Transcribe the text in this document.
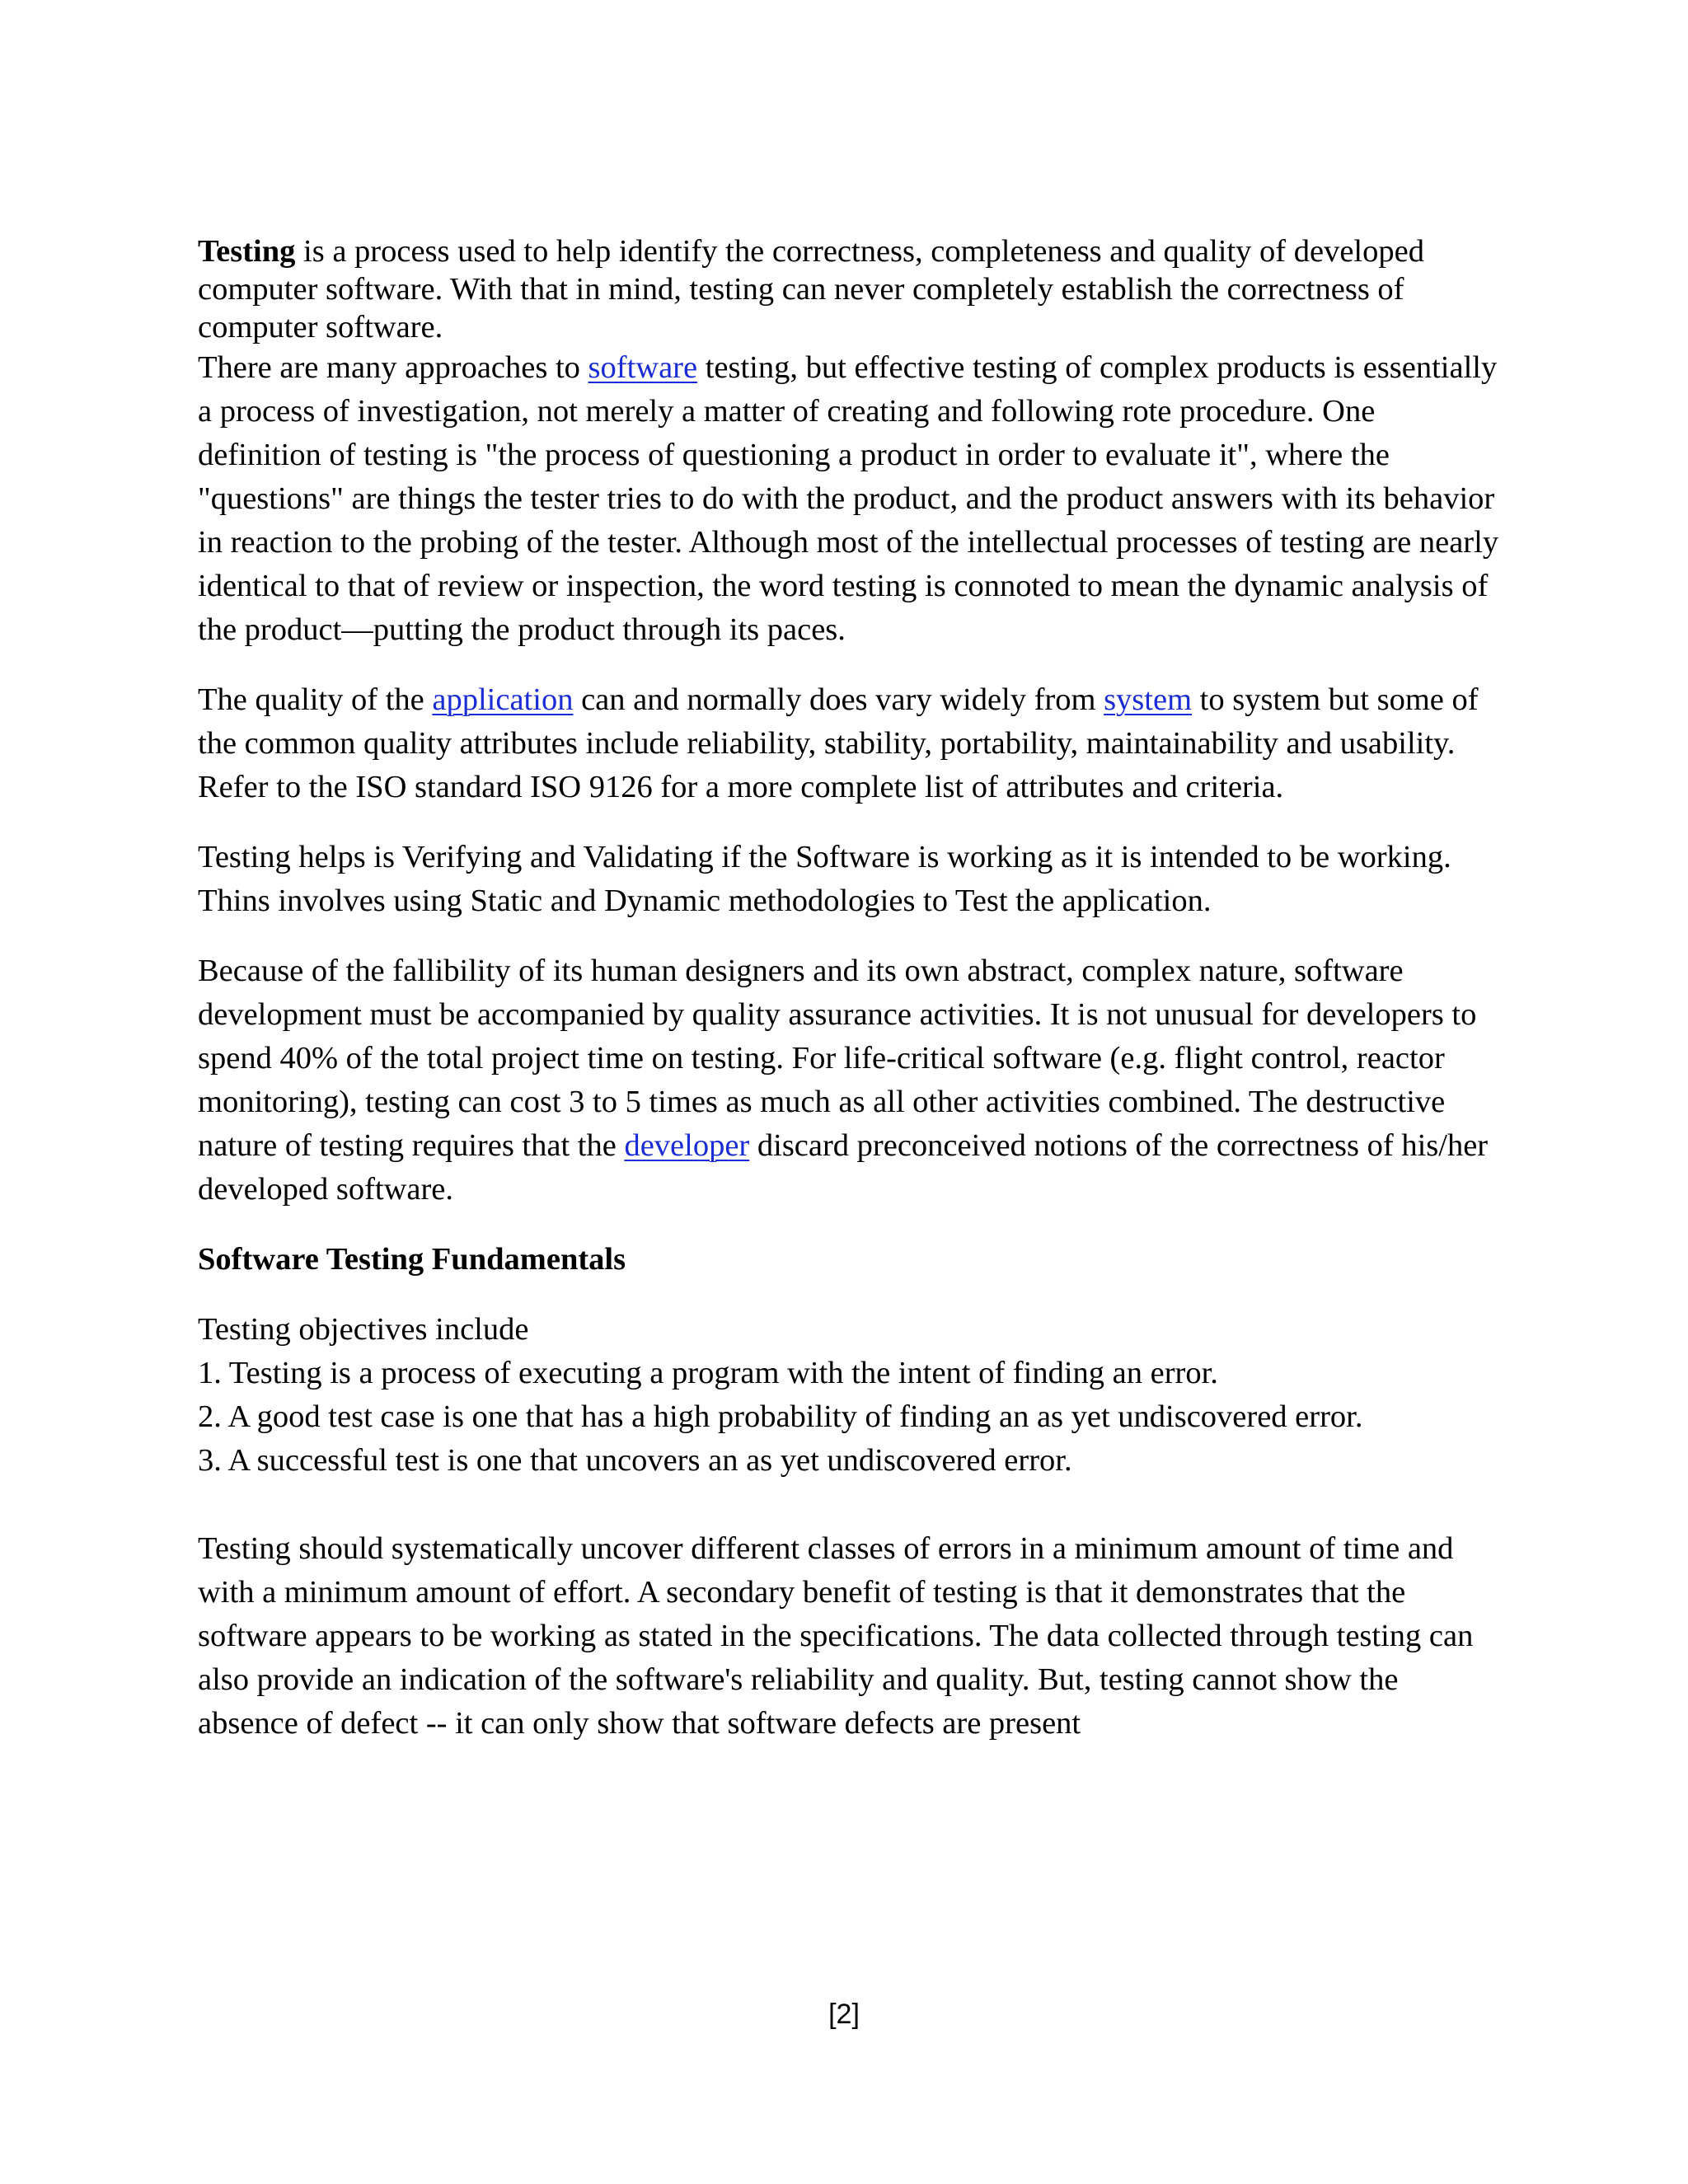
Testing is a process used to help identify the correctness, completeness and quality of developed computer software. With that in mind, testing can never completely establish the correctness of computer software.

There are many approaches to software testing, but effective testing of complex products is essentially a process of investigation, not merely a matter of creating and following rote procedure. One definition of testing is "the process of questioning a product in order to evaluate it", where the "questions" are things the tester tries to do with the product, and the product answers with its behavior in reaction to the probing of the tester. Although most of the intellectual processes of testing are nearly identical to that of review or inspection, the word testing is connoted to mean the dynamic analysis of the product—putting the product through its paces.

The quality of the application can and normally does vary widely from system to system but some of the common quality attributes include reliability, stability, portability, maintainability and usability. Refer to the ISO standard ISO 9126 for a more complete list of attributes and criteria.

Testing helps is Verifying and Validating if the Software is working as it is intended to be working. Thins involves using Static and Dynamic methodologies to Test the application.

Because of the fallibility of its human designers and its own abstract, complex nature, software development must be accompanied by quality assurance activities. It is not unusual for developers to spend 40% of the total project time on testing. For life-critical software (e.g. flight control, reactor monitoring), testing can cost 3 to 5 times as much as all other activities combined. The destructive nature of testing requires that the developer discard preconceived notions of the correctness of his/her developed software.

Software Testing Fundamentals

Testing objectives include

1. Testing is a process of executing a program with the intent of finding an error.
2. A good test case is one that has a high probability of finding an as yet undiscovered error.
3. A successful test is one that uncovers an as yet undiscovered error.

Testing should systematically uncover different classes of errors in a minimum amount of time and with a minimum amount of effort. A secondary benefit of testing is that it demonstrates that the software appears to be working as stated in the specifications. The data collected through testing can also provide an indication of the software's reliability and quality. But, testing cannot show the absence of defect -- it can only show that software defects are present

[2]
